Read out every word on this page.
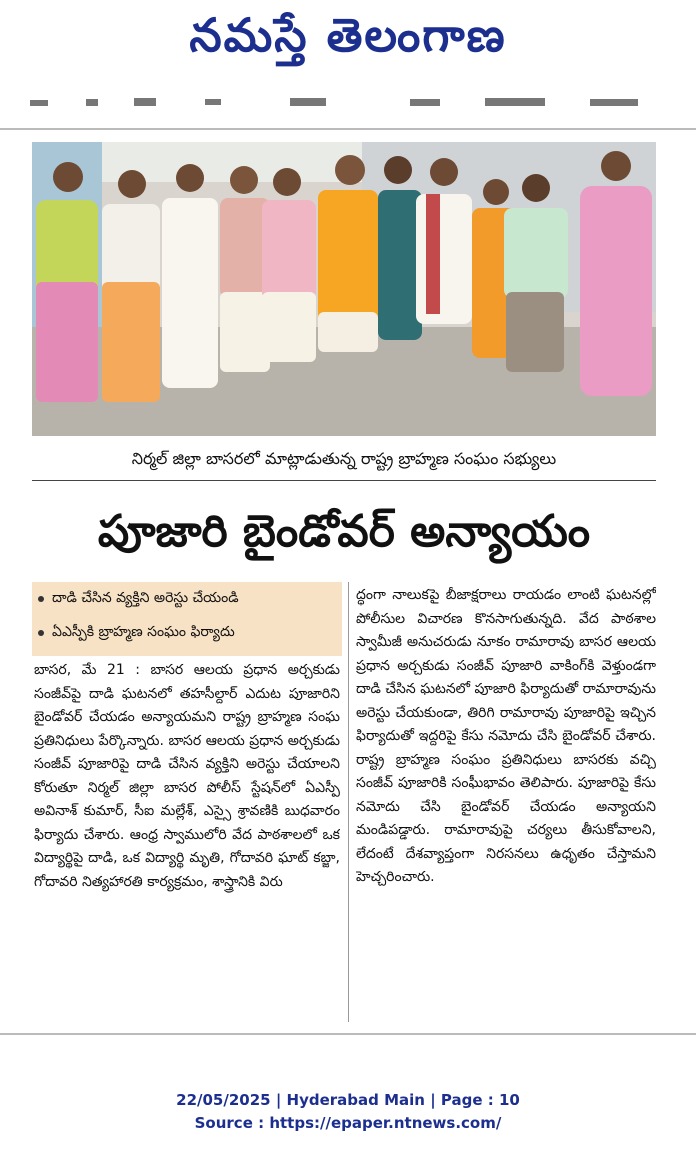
నమస్తే తెలంగాణ
నిర్మల్ జిల్లా బాసరలో మాట్లాడుతున్న రాష్ట్ర బ్రాహ్మణ సంఘం సభ్యులు
పూజారి బైండోవర్ అన్యాయం
దాడి చేసిన వ్యక్తిని అరెస్టు చేయండి
ఏఎస్పీకి బ్రాహ్మణ సంఘం ఫిర్యాదు
బాసర, మే 21 : బాసర ఆలయ ప్రధాన అర్చకుడు సంజీవ్‌పై దాడి ఘటనలో తహసీల్దార్ ఎదుట పూజారిని బైండోవర్ చేయడం అన్యాయమని రాష్ట్ర బ్రాహ్మణ సంఘ ప్రతినిధులు పేర్కొన్నారు. బాసర ఆలయ ప్రధాన అర్చకుడు సంజీవ్ పూజారిపై దాడి చేసిన వ్యక్తిని అరెస్టు చేయాలని కోరుతూ నిర్మల్ జిల్లా బాసర పోలీస్ స్టేషన్‌లో ఏఎస్పీ అవినాశ్ కుమార్, సీఐ మల్లేశ్, ఎస్సై శ్రావణికి బుధవారం ఫిర్యాదు చేశారు. ఆంధ్ర స్వాములోరి వేద పాఠశాలలో ఒక విద్యార్థిపై దాడి, ఒక విద్యార్థి మృతి, గోదావరి ఘాట్ కబ్జా, గోదావరి నిత్యహారతి కార్యక్రమం, శాస్త్రానికి విరు
ద్ధంగా నాలుకపై బీజాక్షరాలు రాయడం లాంటి ఘటనల్లో పోలీసుల విచారణ కొనసాగుతున్నది. వేద పాఠశాల స్వామీజీ అనుచరుడు నూకం రామారావు బాసర ఆలయ ప్రధాన అర్చకుడు సంజీవ్ పూజారి వాకింగ్‌కి వెళ్తుండగా దాడి చేసిన ఘటనలో పూజారి ఫిర్యాదుతో రామారావును అరెస్టు చేయకుండా, తిరిగి రామారావు పూజారిపై ఇచ్చిన ఫిర్యాదుతో ఇద్దరిపై కేసు నమోదు చేసి బైండోవర్ చేశారు. రాష్ట్ర బ్రాహ్మణ సంఘం ప్రతినిధులు బాసరకు వచ్చి సంజీవ్ పూజారికి సంఘీభావం తెలిపారు. పూజారిపై కేసు నమోదు చేసి బైండోవర్ చేయడం అన్యాయని మండిపడ్డారు. రామారావుపై చర్యలు తీసుకోవాలని, లేదంటే దేశవ్యాప్తంగా నిరసనలు ఉధృతం చేస్తామని హెచ్చరించారు.
22/05/2025 | Hyderabad Main | Page : 10
Source : https://epaper.ntnews.com/
